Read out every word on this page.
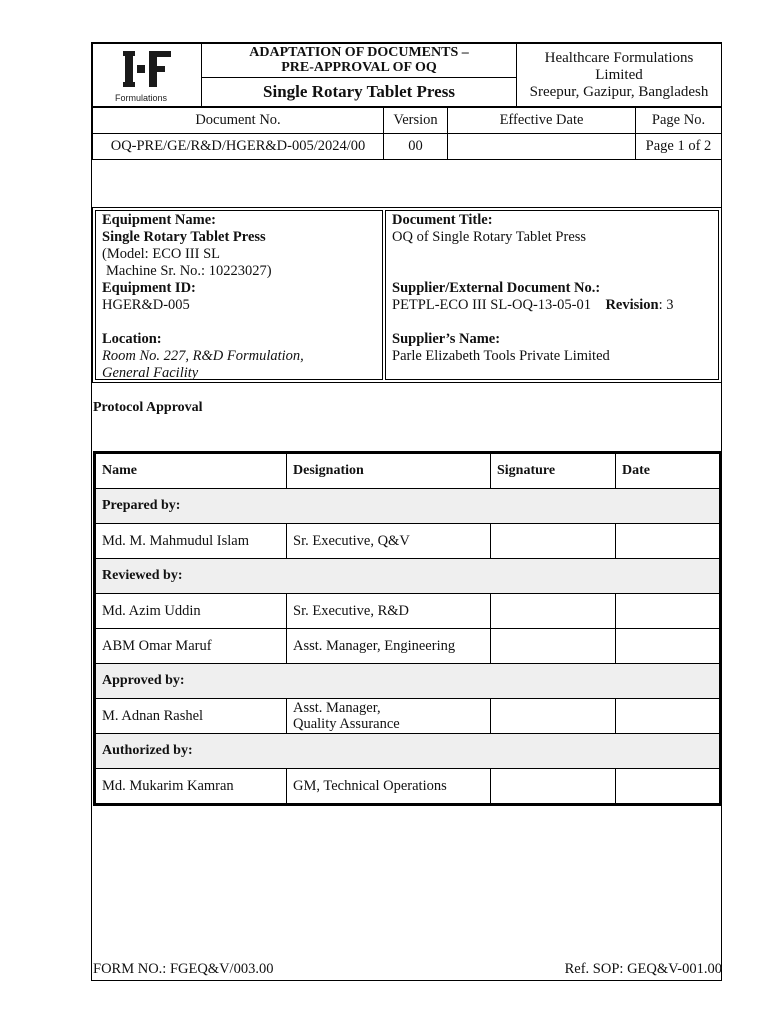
Formulations

ADAPTATION OF DOCUMENTS –
PRE-APPROVAL OF OQ

Healthcare Formulations
Limited
Sreepur, Gazipur, Bangladesh

Single Rotary Tablet Press
Document No.	Version	Effective Date	Page No.
OQ-PRE/GE/R&D/HGER&D-005/2024/00	00		Page 1 of 2
Equipment Name:
Single Rotary Tablet Press
(Model: ECO III SL
Machine Sr. No.: 10223027)
Equipment ID:
HGER&D-005
Location:
Room No. 227, R&D Formulation,
General Facility
Document Title:
OQ of Single Rotary Tablet Press
Supplier/External Document No.:
PETPL-ECO III SL-OQ-13-05-01 Revision: 3
Supplier’s Name:
Parle Elizabeth Tools Private Limited
Protocol Approval
Name	Designation	Signature	Date
Prepared by:			
Md. M. Mahmudul Islam	Sr. Executive, Q&V		
Reviewed by:			
Md. Azim Uddin	Sr. Executive, R&D		
ABM Omar Maruf	Asst. Manager, Engineering		
Approved by:			
M. Adnan Rashel	Asst. Manager,
Quality Assurance		

Authorized by:			
Md. Mukarim Kamran	GM, Technical Operations		
FORM NO.: FGEQ&V/003.00	Ref. SOP: GEQ&V-001.00
